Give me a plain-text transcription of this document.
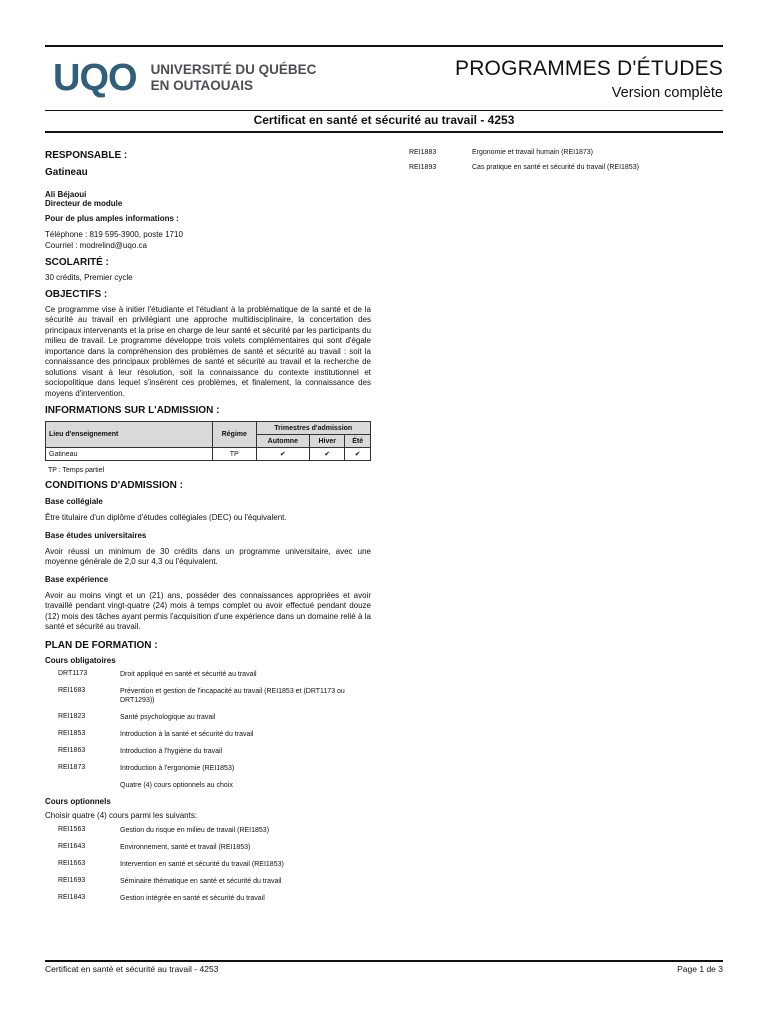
UQO UNIVERSITÉ DU QUÉBEC
EN OUTAOUAIS
PROGRAMMES D'ÉTUDES
Version complète
Certificat en santé et sécurité au travail - 4253
RESPONSABLE :
Gatineau
Ali Béjaoui
Directeur de module
Pour de plus amples informations :
Téléphone : 819 595-3900, poste 1710
Courriel : modrelind@uqo.ca
SCOLARITÉ :
30 crédits, Premier cycle
OBJECTIFS :
Ce programme vise à initier l'étudiante et l'étudiant à la problématique de la santé et de la sécurité au travail en privilégiant une approche multidisciplinaire, la concertation des principaux intervenants et la prise en charge de leur santé et sécurité par les participants du milieu de travail. Le programme développe trois volets complémentaires qui sont d'égale importance dans la compréhension des problèmes de santé et sécurité au travail : soit la connaissance des principaux problèmes de santé et sécurité au travail et la recherche de solutions visant à leur résolution, soit la connaissance du contexte institutionnel et sociopolitique dans lequel s'insèrent ces problèmes, et finalement, la connaissance des moyens d'intervention.
INFORMATIONS SUR L'ADMISSION :
Lieu d'enseignement	Régime	Trimestres d'admission		
		Automne	Hiver	Été
Gatineau	TP	✔	✔	✔
TP : Temps partiel
CONDITIONS D'ADMISSION :
Base collégiale
Être titulaire d'un diplôme d'études collégiales (DEC) ou l'équivalent.
Base études universitaires
Avoir réussi un minimum de 30 crédits dans un programme universitaire, avec une moyenne générale de 2,0 sur 4,3 ou l'équivalent.
Base expérience
Avoir au moins vingt et un (21) ans, posséder des connaissances appropriées et avoir travaillé pendant vingt-quatre (24) mois à temps complet ou avoir effectué pendant douze (12) mois des tâches ayant permis l'acquisition d'une expérience dans un domaine relié à la santé et sécurité au travail.
PLAN DE FORMATION :
Cours obligatoires
DRT1173	Droit appliqué en santé et sécurité au travail
REI1683	Prévention et gestion de l'incapacité au travail (REI1853 et (DRT1173 ou DRT1293))
REI1823	Santé psychologique au travail
REI1853	Introduction à la santé et sécurité du travail
REI1863	Introduction à l'hygiène du travail
REI1873	Introduction à l'ergonomie (REI1853)
Quatre (4) cours optionnels au choix
Cours optionnels
Choisir quatre (4) cours parmi les suivants:
REI1563	Gestion du risque en milieu de travail (REI1853)
REI1643	Environnement, santé et travail (REI1853)
REI1663	Intervention en santé et sécurité du travail (REI1853)
REI1693	Séminaire thématique en santé et sécurité du travail
REI1843	Gestion intégrée en santé et sécurité du travail
REI1883	Ergonomie et travail humain (REI1873)
REI1893	Cas pratique en santé et sécurité du travail (REI1853)
Certificat en santé et sécurité au travail - 4253	Page 1 de 3
